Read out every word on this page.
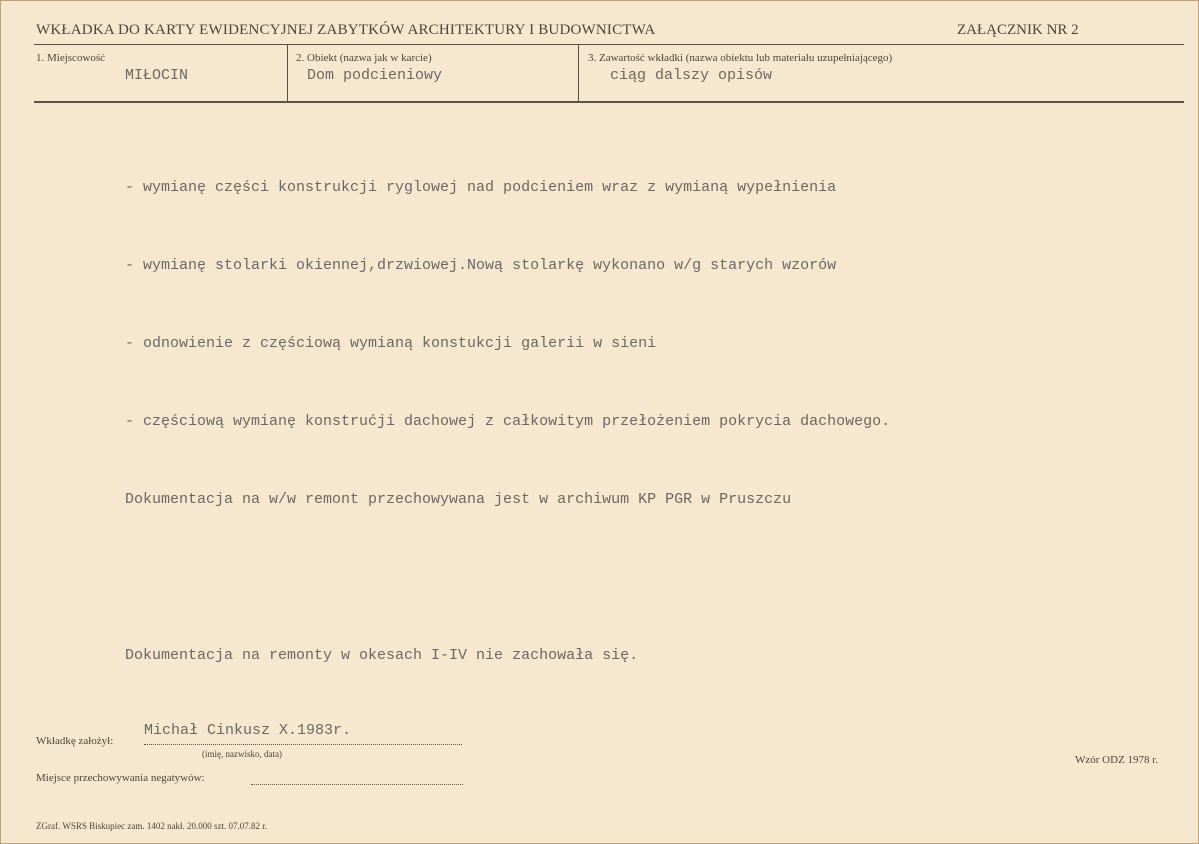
WKŁADKA DO KARTY EWIDENCYJNEJ ZABYTKÓW ARCHITEKTURY I BUDOWNICTWA	ZAŁĄCZNIK NR 2
1. Miejscowość
MIŁOCIN
2. Obiekt (nazwa jak w karcie)
Dom podcieniowy
3. Zawartość wkładki (nazwa obiektu lub materiału uzupełniającego)
ciąg dalszy opisów

- wymianę części konstrukcji ryglowej nad podcieniem wraz z wymianą wypełnienia

- wymianę stolarki okiennej,drzwiowej.Nową stolarkę wykonano w/g starych wzorów

- odnowienie z częściową wymianą konstukcji galerii w sieni

- częściową wymianę konstrućji dachowej z całkowitym przełożeniem pokrycia dachowego.

Dokumentacja na w/w remont przechowywana jest w archiwum KP PGR w Pruszczu

Dokumentacja na remonty w okesach I-IV nie zachowała się.

Wkładkę założył:
Michał Cinkusz X.1983r.
(imię, nazwisko, data)
Miejsce przechowywania negatywów:
Wzór ODZ 1978 r.
ZGraf. WSRS Biskupiec zam. 1402 nakł. 20.000 szt. 07.07.82 r.
